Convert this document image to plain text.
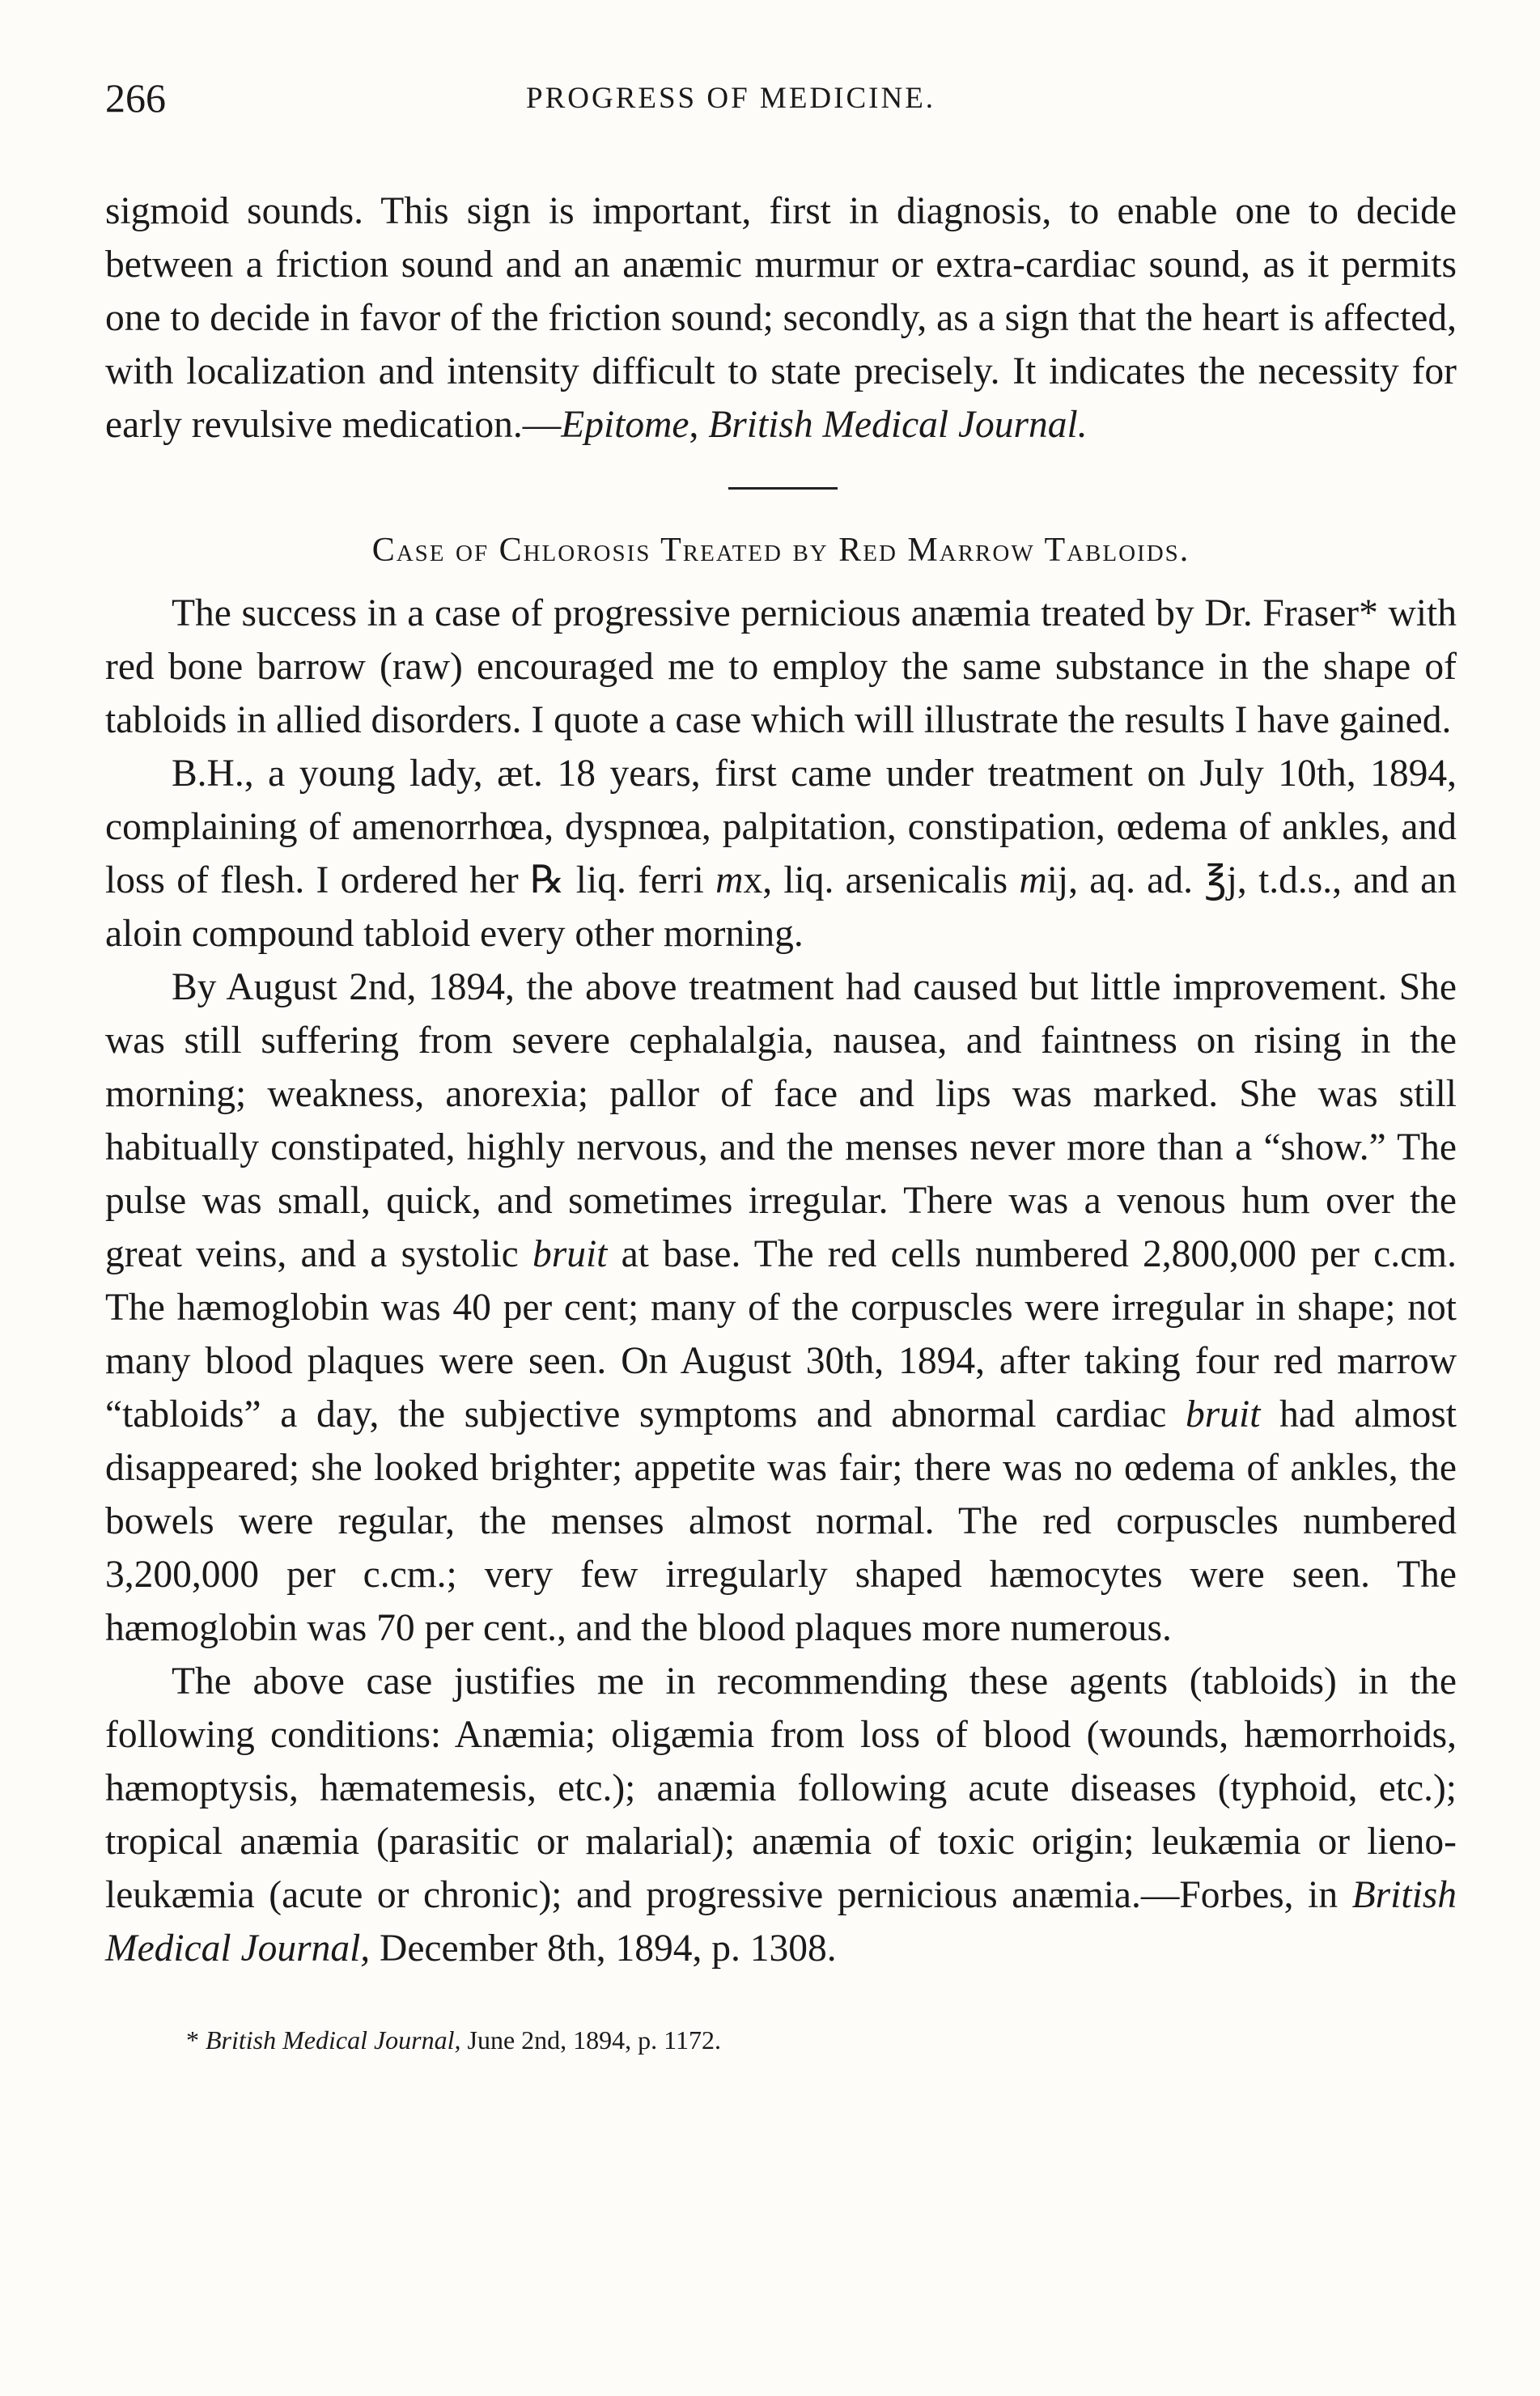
266	PROGRESS OF MEDICINE.

sigmoid sounds. This sign is important, first in diagnosis, to enable one to decide between a friction sound and an anæmic murmur or extra-cardiac sound, as it permits one to decide in favor of the friction sound; secondly, as a sign that the heart is affected, with localization and intensity difficult to state precisely. It indicates the necessity for early revulsive medication.—Epitome, British Medical Journal.

Case of Chlorosis Treated by Red Marrow Tabloids.

The success in a case of progressive pernicious anæmia treated by Dr. Fraser* with red bone barrow (raw) encouraged me to employ the same substance in the shape of tabloids in allied disorders. I quote a case which will illustrate the results I have gained.

B.H., a young lady, æt. 18 years, first came under treatment on July 10th, 1894, complaining of amenorrhœa, dyspnœa, palpitation, constipation, œdema of ankles, and loss of flesh. I ordered her ℞ liq. ferri mx, liq. arsenicalis mij, aq. ad. ℥j, t.d.s., and an aloin compound tabloid every other morning.

By August 2nd, 1894, the above treatment had caused but little improvement. She was still suffering from severe cephalalgia, nausea, and faintness on rising in the morning; weakness, anorexia; pallor of face and lips was marked. She was still habitually constipated, highly nervous, and the menses never more than a “show.” The pulse was small, quick, and sometimes irregular. There was a venous hum over the great veins, and a systolic bruit at base. The red cells numbered 2,800,000 per c.cm. The hæmoglobin was 40 per cent; many of the corpuscles were irregular in shape; not many blood plaques were seen. On August 30th, 1894, after taking four red marrow “tabloids” a day, the subjective symptoms and abnormal cardiac bruit had almost disappeared; she looked brighter; appetite was fair; there was no œdema of ankles, the bowels were regular, the menses almost normal. The red corpuscles numbered 3,200,000 per c.cm.; very few irregularly shaped hæmocytes were seen. The hæmoglobin was 70 per cent., and the blood plaques more numerous.

The above case justifies me in recommending these agents (tabloids) in the following conditions: Anæmia; oligæmia from loss of blood (wounds, hæmorrhoids, hæmoptysis, hæmatemesis, etc.); anæmia following acute diseases (typhoid, etc.); tropical anæmia (parasitic or malarial); anæmia of toxic origin; leukæmia or lieno-leukæmia (acute or chronic); and progressive pernicious anæmia.—Forbes, in British Medical Journal, December 8th, 1894, p. 1308.

* British Medical Journal, June 2nd, 1894, p. 1172.
